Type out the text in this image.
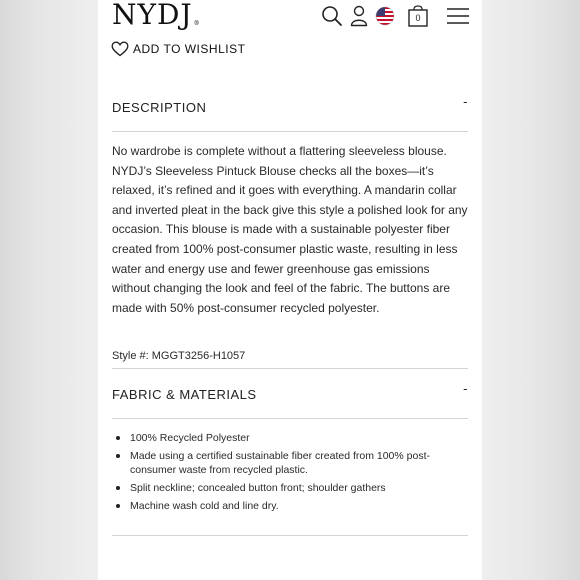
NYDJ®
0
ADD TO WISHLIST
DESCRIPTION	-

No wardrobe is complete without a flattering sleeveless blouse. NYDJ’s Sleeveless Pintuck Blouse checks all the boxes—it’s relaxed, it’s refined and it goes with everything. A mandarin collar and inverted pleat in the back give this style a polished look for any occasion. This blouse is made with a sustainable polyester fiber created from 100% post-consumer plastic waste, resulting in less water and energy use and fewer greenhouse gas emissions without changing the look and feel of the fabric. The buttons are made with 50% post-consumer recycled polyester.

Style #: MGGT3256-H1057
FABRIC & MATERIALS	-
100% Recycled Polyester
Made using a certified sustainable fiber created from 100% post-consumer waste from recycled plastic.
Split neckline; concealed button front; shoulder gathers
Machine wash cold and line dry.
